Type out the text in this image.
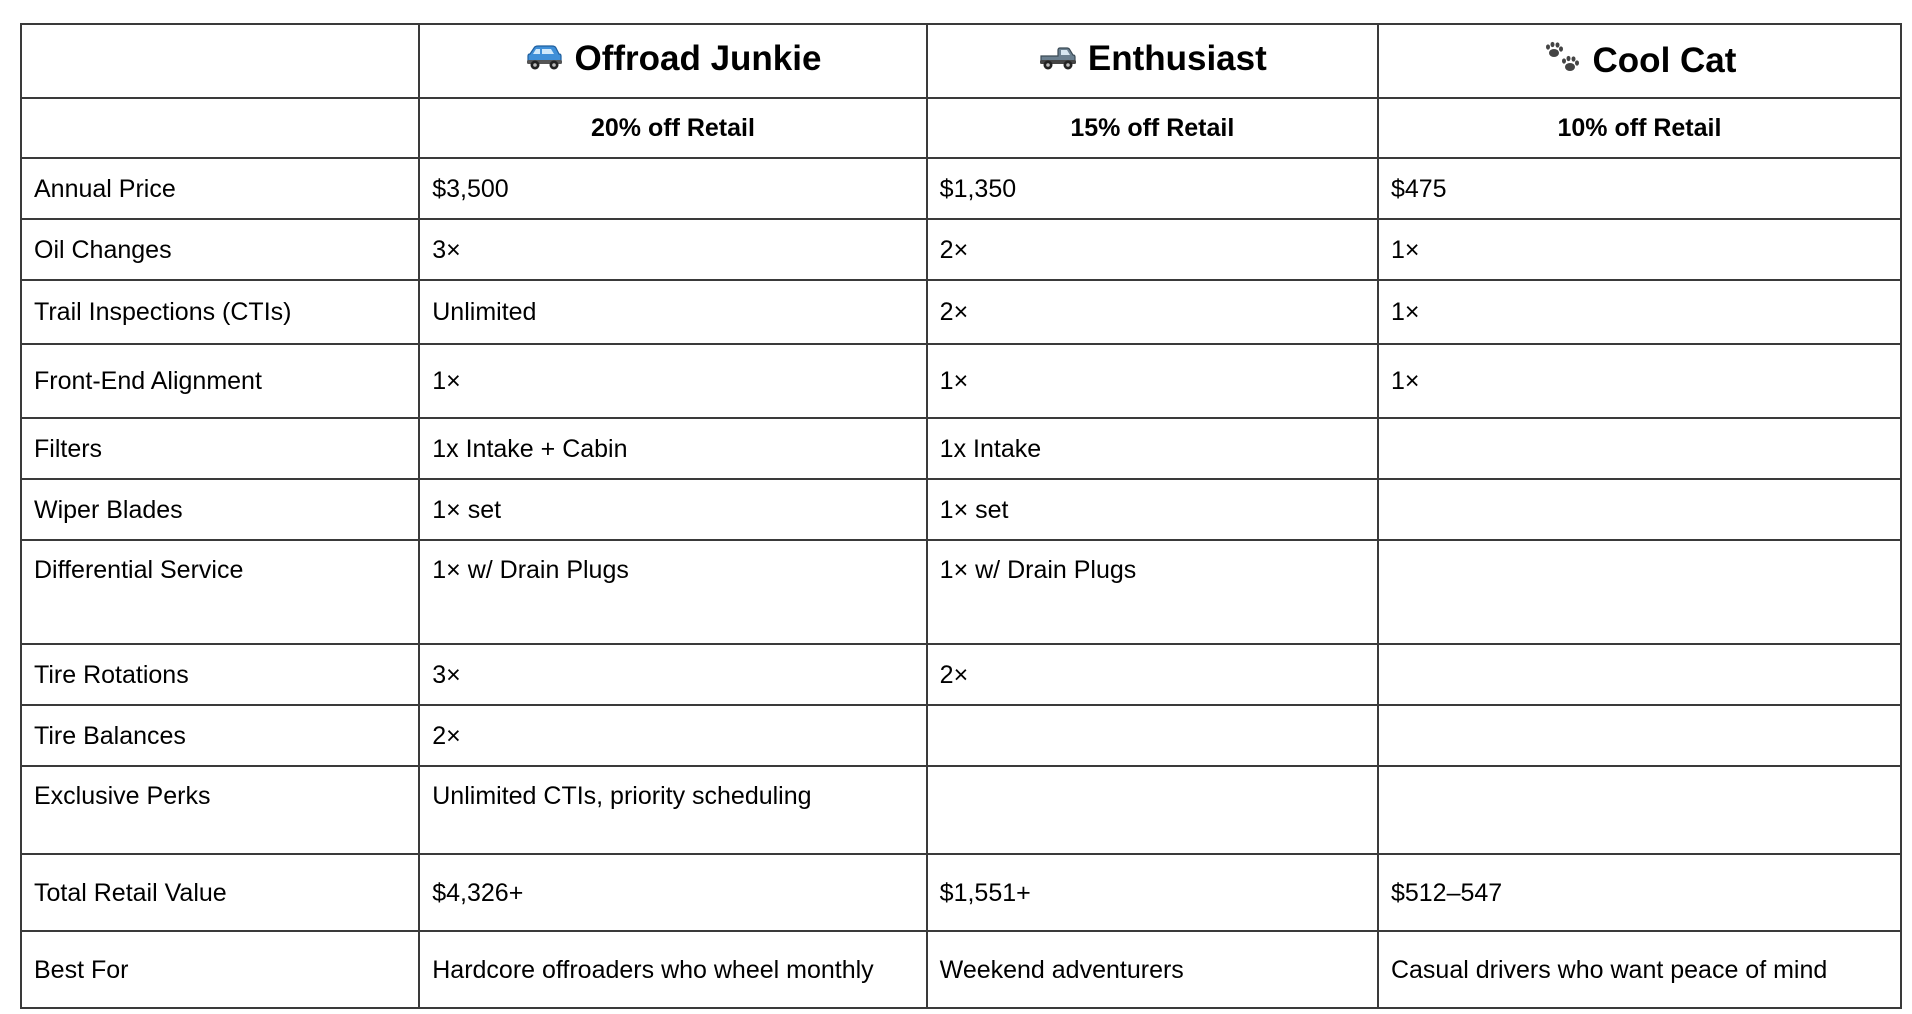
	Offroad Junkie	Enthusiast	Cool Cat
	20% off Retail	15% off Retail	10% off Retail
Annual Price	$3,500	$1,350	$475
Oil Changes	3×	2×	1×
Trail Inspections (CTIs)	Unlimited	2×	1×
Front-End Alignment	1×	1×	1×
Filters	1x Intake + Cabin	1x Intake	
Wiper Blades	1× set	1× set	
Differential Service	1× w/ Drain Plugs	1× w/ Drain Plugs	
Tire Rotations	3×	2×	
Tire Balances	2×		
Exclusive Perks	Unlimited CTIs, priority scheduling		
Total Retail Value	$4,326+	$1,551+	$512–547
Best For	Hardcore offroaders who wheel monthly	Weekend adventurers	Casual drivers who want peace of mind
